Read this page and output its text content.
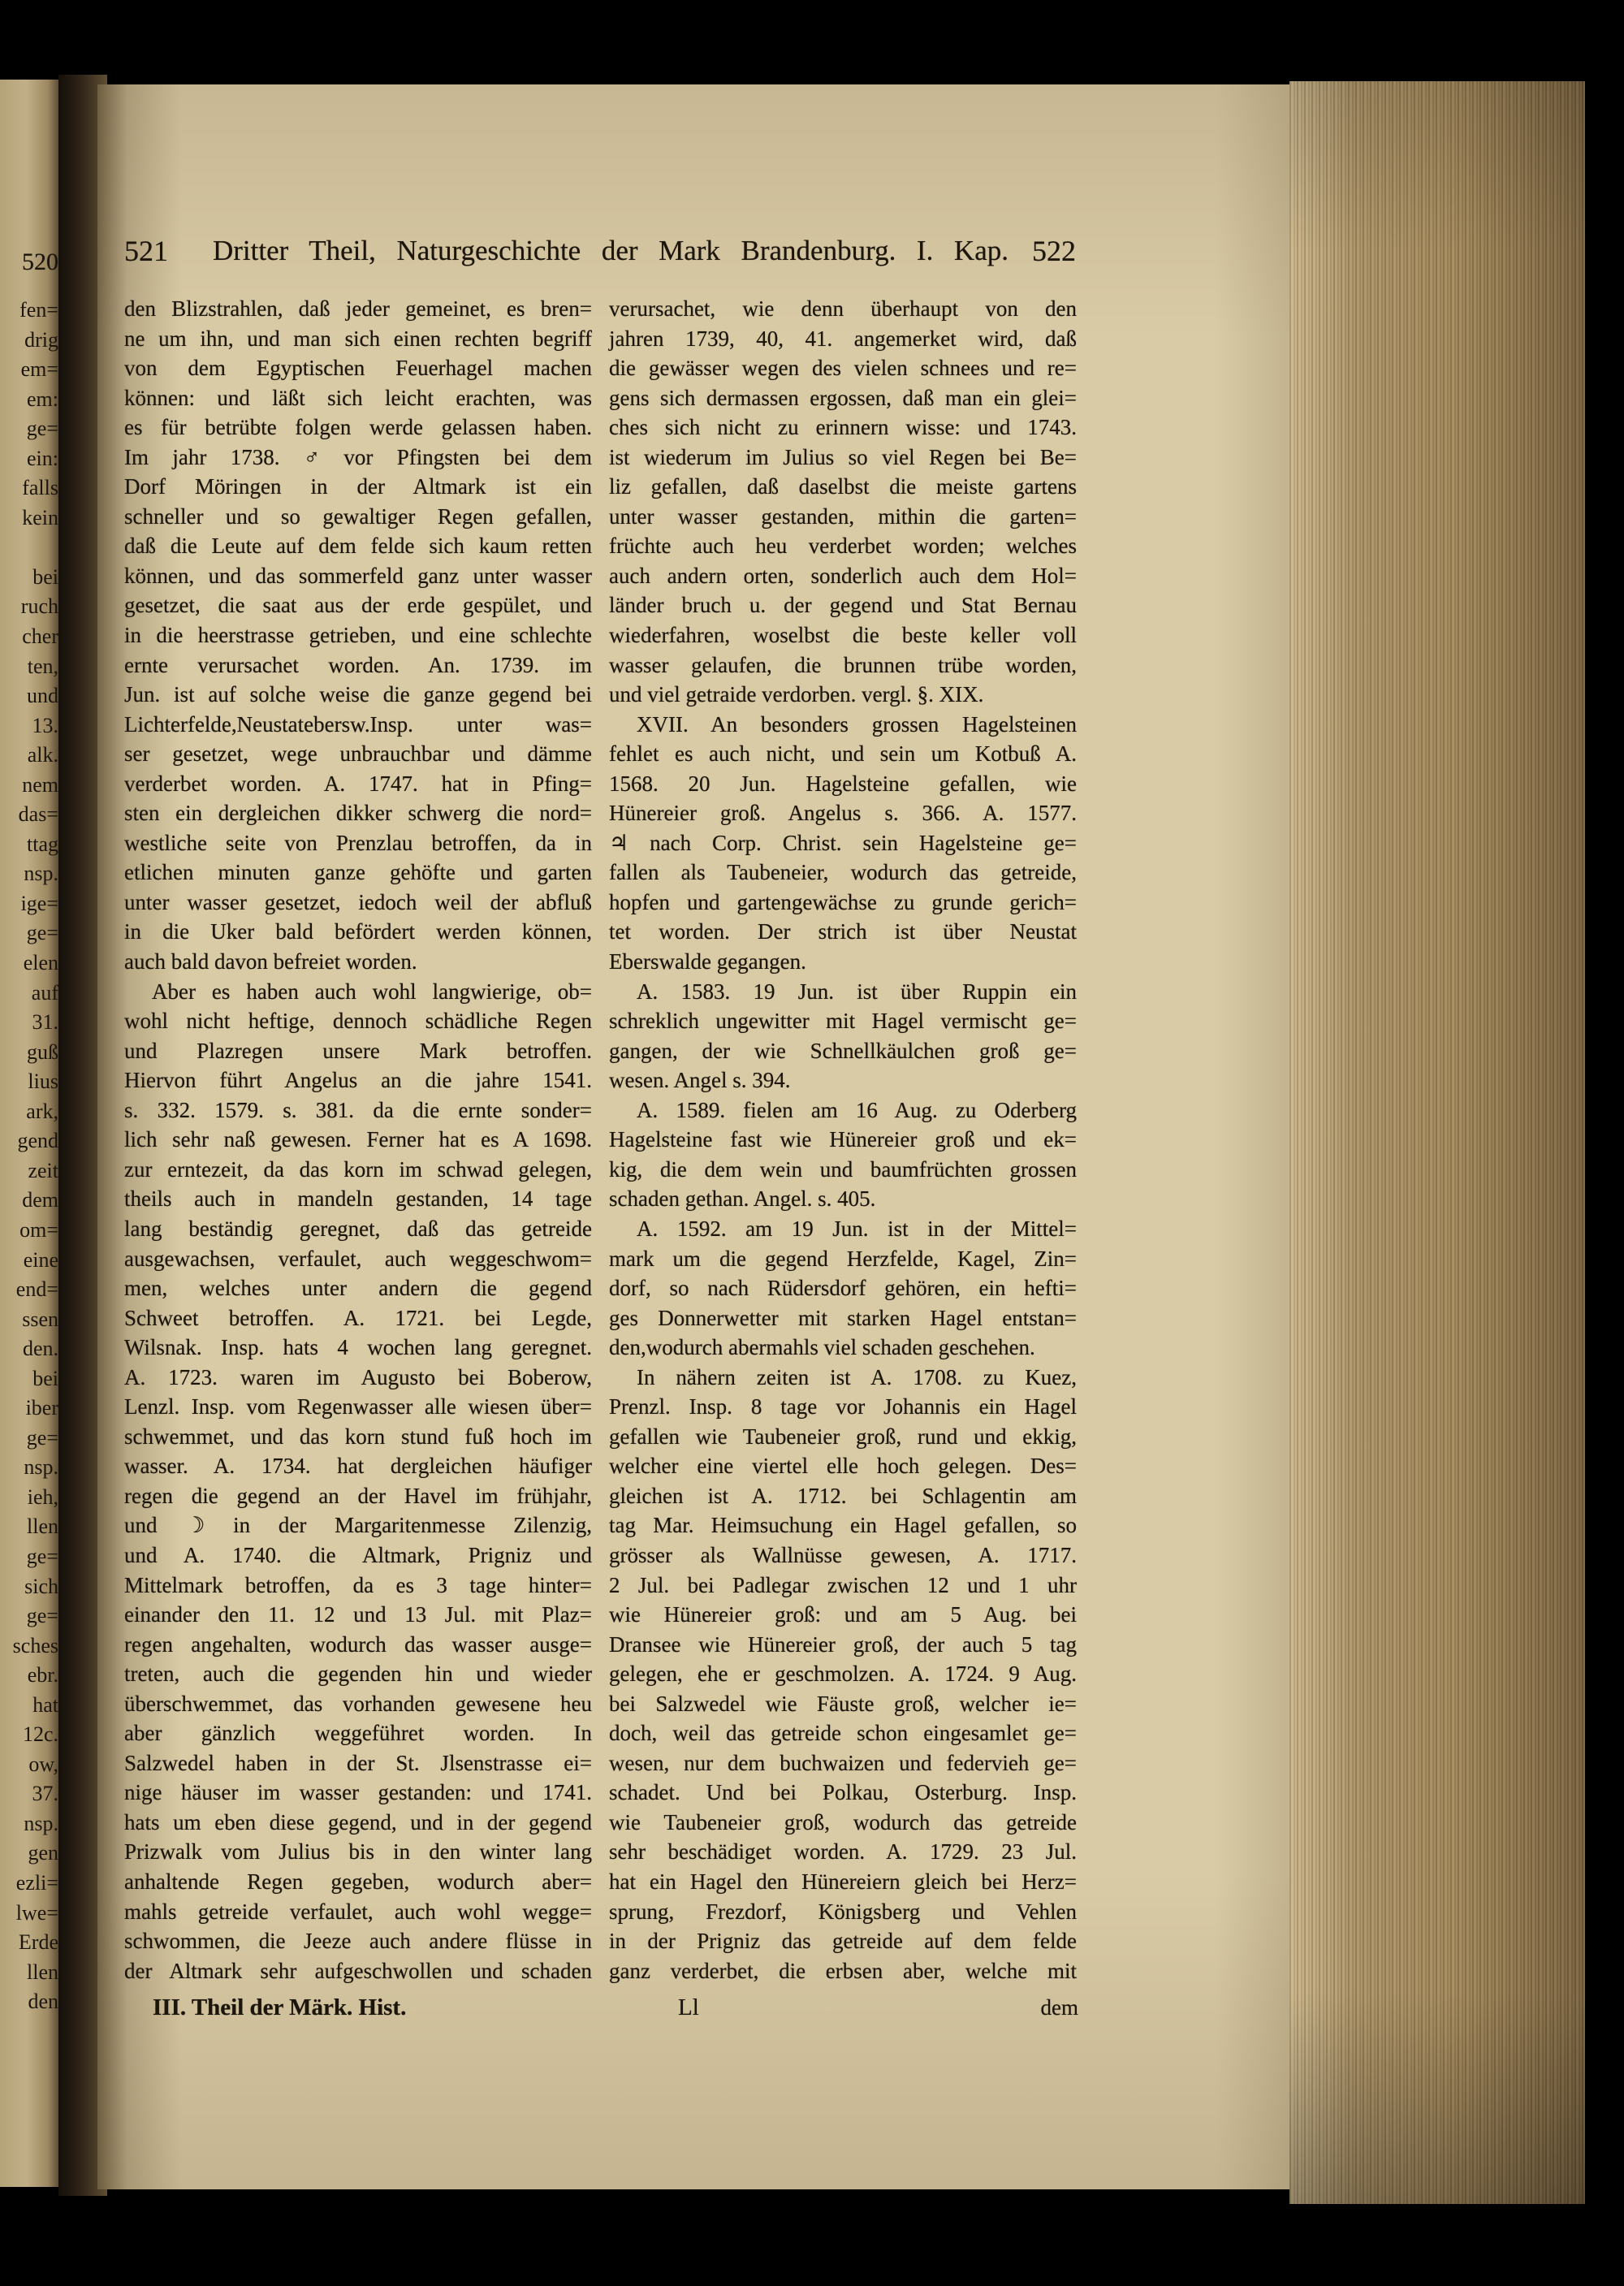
520
fen=
drig
em=
em:
ge=
ein:
falls
kein
bei
ruch
cher
ten,
und
13.
alk.
nem
das=
ttag
nsp.
ige=
ge=
elen
auf
31.
guß
lius
ark,
gend
zeit
dem
om=
eine
end=
ssen
den.
bei
iber
ge=
nsp.
ieh,
llen
ge=
sich
ge=
sches
ebr.
hat
12c.
ow,
37.
nsp.
gen
ezli=
lwe=
Erde
llen
den
521 Dritter Theil, Naturgeschichte der Mark Brandenburg. I. Kap. 522
den Blizstrahlen, daß jeder gemeinet, es bren=
ne um ihn, und man sich einen rechten begriff
von dem Egyptischen Feuerhagel machen
können: und läßt sich leicht erachten, was
es für betrübte folgen werde gelassen haben.
Im jahr 1738. ♂ vor Pfingsten bei dem
Dorf Möringen in der Altmark ist ein
schneller und so gewaltiger Regen gefallen,
daß die Leute auf dem felde sich kaum retten
können, und das sommerfeld ganz unter wasser
gesetzet, die saat aus der erde gespület, und
in die heerstrasse getrieben, und eine schlechte
ernte verursachet worden. An. 1739. im
Jun. ist auf solche weise die ganze gegend bei
Lichterfelde,Neustatebersw.Insp. unter was=
ser gesetzet, wege unbrauchbar und dämme
verderbet worden. A. 1747. hat in Pfing=
sten ein dergleichen dikker schwerg die nord=
westliche seite von Prenzlau betroffen, da in
etlichen minuten ganze gehöfte und garten
unter wasser gesetzet, iedoch weil der abfluß
in die Uker bald befördert werden können,
auch bald davon befreiet worden.
Aber es haben auch wohl langwierige, ob=
wohl nicht heftige, dennoch schädliche Regen
und Plazregen unsere Mark betroffen.
Hiervon führt Angelus an die jahre 1541.
s. 332. 1579. s. 381. da die ernte sonder=
lich sehr naß gewesen. Ferner hat es A 1698.
zur erntezeit, da das korn im schwad gelegen,
theils auch in mandeln gestanden, 14 tage
lang beständig geregnet, daß das getreide
ausgewachsen, verfaulet, auch weggeschwom=
men, welches unter andern die gegend
Schweet betroffen. A. 1721. bei Legde,
Wilsnak. Insp. hats 4 wochen lang geregnet.
A. 1723. waren im Augusto bei Boberow,
Lenzl. Insp. vom Regenwasser alle wiesen über=
schwemmet, und das korn stund fuß hoch im
wasser. A. 1734. hat dergleichen häufiger
regen die gegend an der Havel im frühjahr,
und ☽ in der Margaritenmesse Zilenzig,
und A. 1740. die Altmark, Prigniz und
Mittelmark betroffen, da es 3 tage hinter=
einander den 11. 12 und 13 Jul. mit Plaz=
regen angehalten, wodurch das wasser ausge=
treten, auch die gegenden hin und wieder
überschwemmet, das vorhanden gewesene heu
aber gänzlich weggeführet worden. In
Salzwedel haben in der St. Jlsenstrasse ei=
nige häuser im wasser gestanden: und 1741.
hats um eben diese gegend, und in der gegend
Prizwalk vom Julius bis in den winter lang
anhaltende Regen gegeben, wodurch aber=
mahls getreide verfaulet, auch wohl wegge=
schwommen, die Jeeze auch andere flüsse in
der Altmark sehr aufgeschwollen und schaden
verursachet, wie denn überhaupt von den
jahren 1739, 40, 41. angemerket wird, daß
die gewässer wegen des vielen schnees und re=
gens sich dermassen ergossen, daß man ein glei=
ches sich nicht zu erinnern wisse: und 1743.
ist wiederum im Julius so viel Regen bei Be=
liz gefallen, daß daselbst die meiste gartens
unter wasser gestanden, mithin die garten=
früchte auch heu verderbet worden; welches
auch andern orten, sonderlich auch dem Hol=
länder bruch u. der gegend und Stat Bernau
wiederfahren, woselbst die beste keller voll
wasser gelaufen, die brunnen trübe worden,
und viel getraide verdorben. vergl. §. XIX.
XVII. An besonders grossen Hagelsteinen
fehlet es auch nicht, und sein um Kotbuß A.
1568. 20 Jun. Hagelsteine gefallen, wie
Hünereier groß. Angelus s. 366. A. 1577.
♃ nach Corp. Christ. sein Hagelsteine ge=
fallen als Taubeneier, wodurch das getreide,
hopfen und gartengewächse zu grunde gerich=
tet worden. Der strich ist über Neustat
Eberswalde gegangen.
A. 1583. 19 Jun. ist über Ruppin ein
schreklich ungewitter mit Hagel vermischt ge=
gangen, der wie Schnellkäulchen groß ge=
wesen. Angel s. 394.
A. 1589. fielen am 16 Aug. zu Oderberg
Hagelsteine fast wie Hünereier groß und ek=
kig, die dem wein und baumfrüchten grossen
schaden gethan. Angel. s. 405.
A. 1592. am 19 Jun. ist in der Mittel=
mark um die gegend Herzfelde, Kagel, Zin=
dorf, so nach Rüdersdorf gehören, ein hefti=
ges Donnerwetter mit starken Hagel entstan=
den,wodurch abermahls viel schaden geschehen.
In nähern zeiten ist A. 1708. zu Kuez,
Prenzl. Insp. 8 tage vor Johannis ein Hagel
gefallen wie Taubeneier groß, rund und ekkig,
welcher eine viertel elle hoch gelegen. Des=
gleichen ist A. 1712. bei Schlagentin am
tag Mar. Heimsuchung ein Hagel gefallen, so
grösser als Wallnüsse gewesen, A. 1717.
2 Jul. bei Padlegar zwischen 12 und 1 uhr
wie Hünereier groß: und am 5 Aug. bei
Dransee wie Hünereier groß, der auch 5 tag
gelegen, ehe er geschmolzen. A. 1724. 9 Aug.
bei Salzwedel wie Fäuste groß, welcher ie=
doch, weil das getreide schon eingesamlet ge=
wesen, nur dem buchwaizen und federvieh ge=
schadet. Und bei Polkau, Osterburg. Insp.
wie Taubeneier groß, wodurch das getreide
sehr beschädiget worden. A. 1729. 23 Jul.
hat ein Hagel den Hünereiern gleich bei Herz=
sprung, Frezdorf, Königsberg und Vehlen
in der Prigniz das getreide auf dem felde
ganz verderbet, die erbsen aber, welche mit
III. Theil der Märk. Hist.	Ll	dem
